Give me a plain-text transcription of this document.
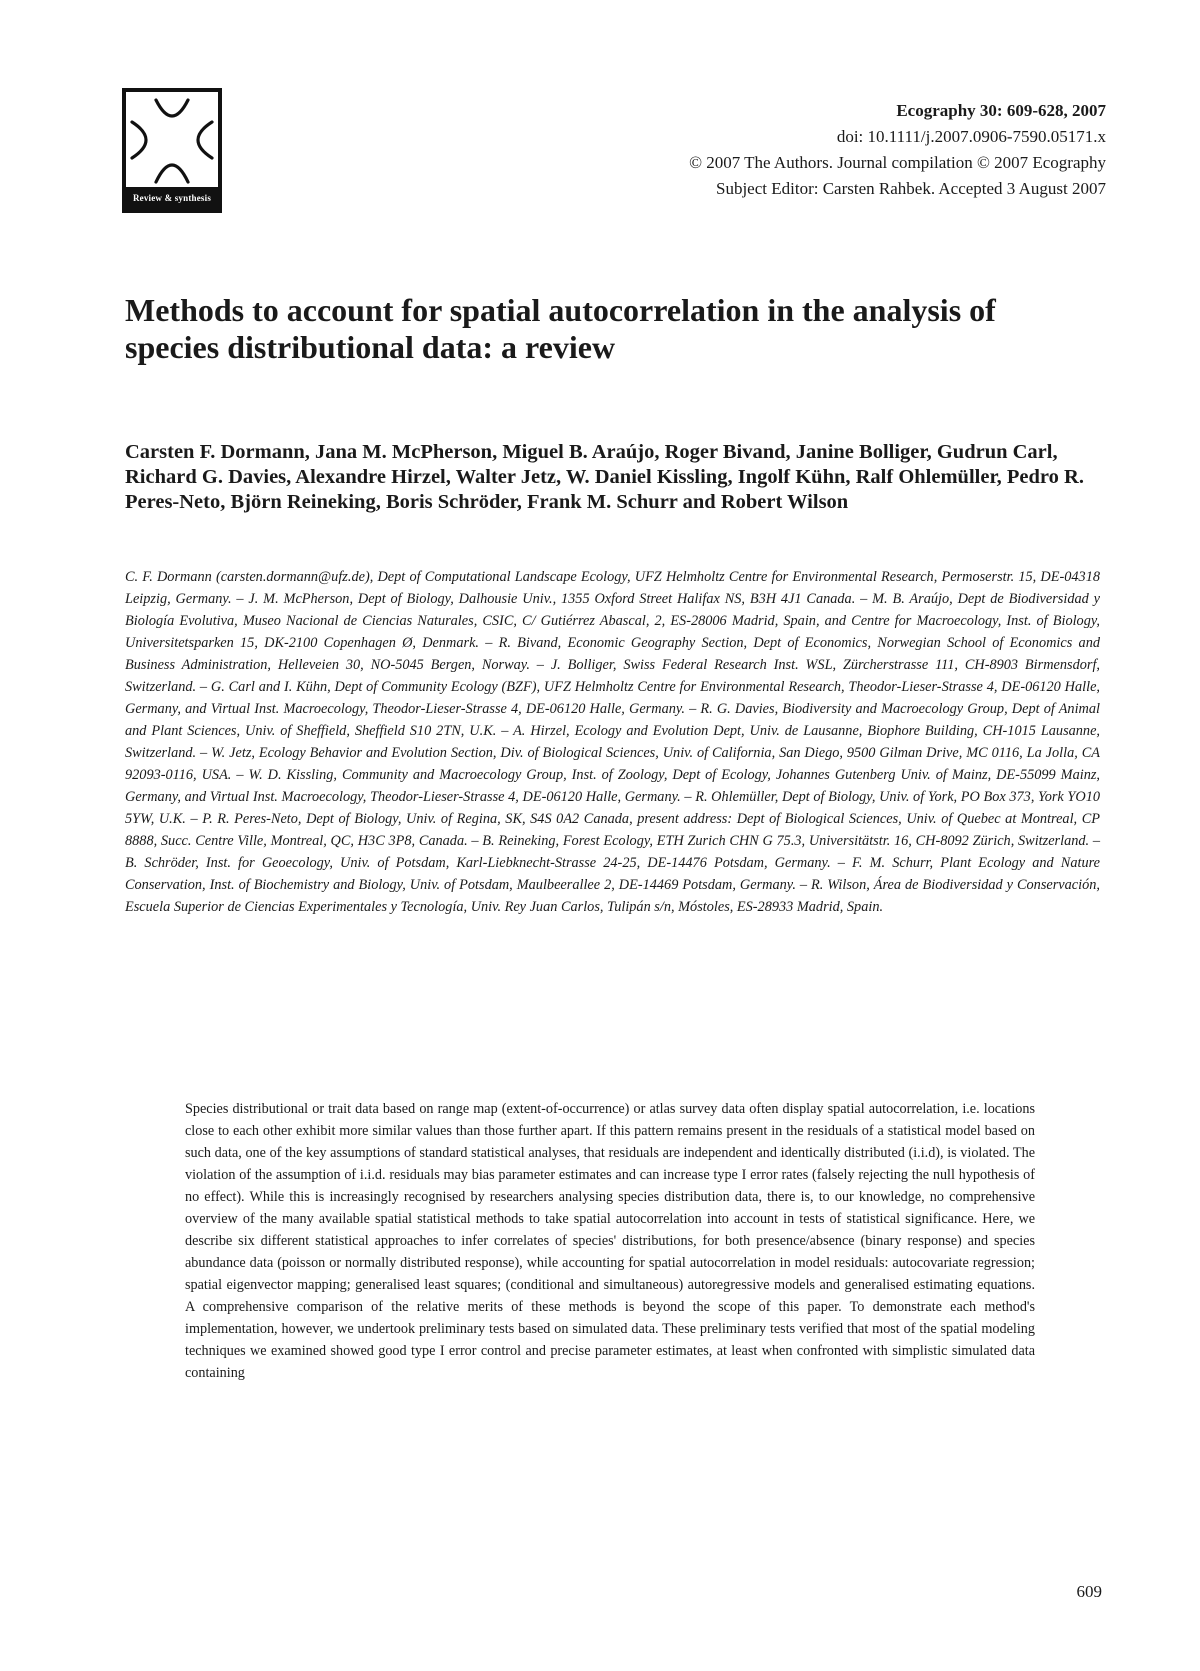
Review & synthesis
Ecography 30: 609-628, 2007
doi: 10.1111/j.2007.0906-7590.05171.x
© 2007 The Authors. Journal compilation © 2007 Ecography
Subject Editor: Carsten Rahbek. Accepted 3 August 2007
Methods to account for spatial autocorrelation in the analysis of species distributional data: a review

Carsten F. Dormann, Jana M. McPherson, Miguel B. Araújo, Roger Bivand, Janine Bolliger, Gudrun Carl, Richard G. Davies, Alexandre Hirzel, Walter Jetz, W. Daniel Kissling, Ingolf Kühn, Ralf Ohlemüller, Pedro R. Peres-Neto, Björn Reineking, Boris Schröder, Frank M. Schurr and Robert Wilson

C. F. Dormann (carsten.dormann@ufz.de), Dept of Computational Landscape Ecology, UFZ Helmholtz Centre for Environmental Research, Permoserstr. 15, DE-04318 Leipzig, Germany. – J. M. McPherson, Dept of Biology, Dalhousie Univ., 1355 Oxford Street Halifax NS, B3H 4J1 Canada. – M. B. Araújo, Dept de Biodiversidad y Biología Evolutiva, Museo Nacional de Ciencias Naturales, CSIC, C/ Gutiérrez Abascal, 2, ES-28006 Madrid, Spain, and Centre for Macroecology, Inst. of Biology, Universitetsparken 15, DK-2100 Copenhagen Ø, Denmark. – R. Bivand, Economic Geography Section, Dept of Economics, Norwegian School of Economics and Business Administration, Helleveien 30, NO-5045 Bergen, Norway. – J. Bolliger, Swiss Federal Research Inst. WSL, Zürcherstrasse 111, CH-8903 Birmensdorf, Switzerland. – G. Carl and I. Kühn, Dept of Community Ecology (BZF), UFZ Helmholtz Centre for Environmental Research, Theodor-Lieser-Strasse 4, DE-06120 Halle, Germany, and Virtual Inst. Macroecology, Theodor-Lieser-Strasse 4, DE-06120 Halle, Germany. – R. G. Davies, Biodiversity and Macroecology Group, Dept of Animal and Plant Sciences, Univ. of Sheffield, Sheffield S10 2TN, U.K. – A. Hirzel, Ecology and Evolution Dept, Univ. de Lausanne, Biophore Building, CH-1015 Lausanne, Switzerland. – W. Jetz, Ecology Behavior and Evolution Section, Div. of Biological Sciences, Univ. of California, San Diego, 9500 Gilman Drive, MC 0116, La Jolla, CA 92093-0116, USA. – W. D. Kissling, Community and Macroecology Group, Inst. of Zoology, Dept of Ecology, Johannes Gutenberg Univ. of Mainz, DE-55099 Mainz, Germany, and Virtual Inst. Macroecology, Theodor-Lieser-Strasse 4, DE-06120 Halle, Germany. – R. Ohlemüller, Dept of Biology, Univ. of York, PO Box 373, York YO10 5YW, U.K. – P. R. Peres-Neto, Dept of Biology, Univ. of Regina, SK, S4S 0A2 Canada, present address: Dept of Biological Sciences, Univ. of Quebec at Montreal, CP 8888, Succ. Centre Ville, Montreal, QC, H3C 3P8, Canada. – B. Reineking, Forest Ecology, ETH Zurich CHN G 75.3, Universitätstr. 16, CH-8092 Zürich, Switzerland. – B. Schröder, Inst. for Geoecology, Univ. of Potsdam, Karl-Liebknecht-Strasse 24-25, DE-14476 Potsdam, Germany. – F. M. Schurr, Plant Ecology and Nature Conservation, Inst. of Biochemistry and Biology, Univ. of Potsdam, Maulbeerallee 2, DE-14469 Potsdam, Germany. – R. Wilson, Área de Biodiversidad y Conservación, Escuela Superior de Ciencias Experimentales y Tecnología, Univ. Rey Juan Carlos, Tulipán s/n, Móstoles, ES-28933 Madrid, Spain.

Species distributional or trait data based on range map (extent-of-occurrence) or atlas survey data often display spatial autocorrelation, i.e. locations close to each other exhibit more similar values than those further apart. If this pattern remains present in the residuals of a statistical model based on such data, one of the key assumptions of standard statistical analyses, that residuals are independent and identically distributed (i.i.d), is violated. The violation of the assumption of i.i.d. residuals may bias parameter estimates and can increase type I error rates (falsely rejecting the null hypothesis of no effect). While this is increasingly recognised by researchers analysing species distribution data, there is, to our knowledge, no comprehensive overview of the many available spatial statistical methods to take spatial autocorrelation into account in tests of statistical significance. Here, we describe six different statistical approaches to infer correlates of species' distributions, for both presence/absence (binary response) and species abundance data (poisson or normally distributed response), while accounting for spatial autocorrelation in model residuals: autocovariate regression; spatial eigenvector mapping; generalised least squares; (conditional and simultaneous) autoregressive models and generalised estimating equations. A comprehensive comparison of the relative merits of these methods is beyond the scope of this paper. To demonstrate each method's implementation, however, we undertook preliminary tests based on simulated data. These preliminary tests verified that most of the spatial modeling techniques we examined showed good type I error control and precise parameter estimates, at least when confronted with simplistic simulated data containing

609
